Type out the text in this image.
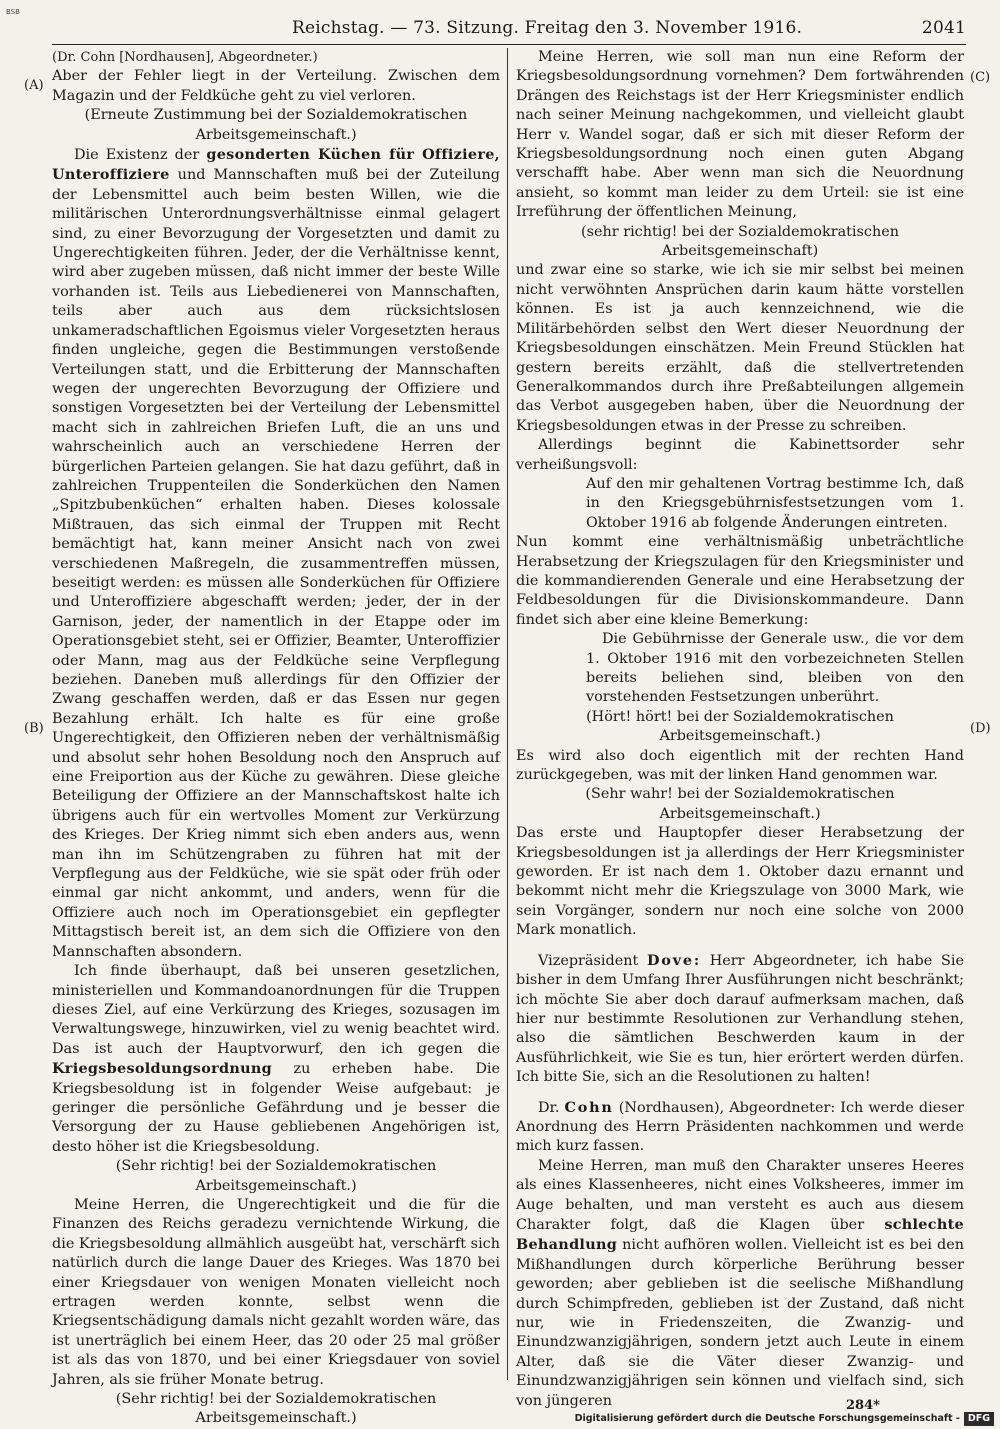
BSB
Reichstag. — 73. Sitzung. Freitag den 3. November 1916.	2041
(A)
(B)
(C)
(D)

(Dr. Cohn [Nordhausen], Abgeordneter.)

Aber der Fehler liegt in der Verteilung. Zwischen dem Magazin und der Feldküche geht zu viel verloren.

(Erneute Zustimmung bei der Sozialdemokratischen Arbeitsgemeinschaft.)

Die Existenz der gesonderten Küchen für Offiziere, Unteroffiziere und Mannschaften muß bei der Zuteilung der Lebensmittel auch beim besten Willen, wie die militärischen Unterordnungsverhältnisse einmal gelagert sind, zu einer Bevorzugung der Vorgesetzten und damit zu Ungerechtigkeiten führen. Jeder, der die Verhältnisse kennt, wird aber zugeben müssen, daß nicht immer der beste Wille vorhanden ist. Teils aus Liebedienerei von Mannschaften, teils aber auch aus dem rücksichtslosen unkameradschaftlichen Egoismus vieler Vorgesetzten heraus finden ungleiche, gegen die Bestimmungen verstoßende Verteilungen statt, und die Erbitterung der Mannschaften wegen der ungerechten Bevorzugung der Offiziere und sonstigen Vorgesetzten bei der Verteilung der Lebensmittel macht sich in zahlreichen Briefen Luft, die an uns und wahrscheinlich auch an verschiedene Herren der bürgerlichen Parteien gelangen. Sie hat dazu geführt, daß in zahlreichen Truppenteilen die Sonderküchen den Namen „Spitzbubenküchen“ erhalten haben. Dieses kolossale Mißtrauen, das sich einmal der Truppen mit Recht bemächtigt hat, kann meiner Ansicht nach von zwei verschiedenen Maßregeln, die zusammentreffen müssen, beseitigt werden: es müssen alle Sonderküchen für Offiziere und Unteroffiziere abgeschafft werden; jeder, der in der Garnison, jeder, der namentlich in der Etappe oder im Operationsgebiet steht, sei er Offizier, Beamter, Unteroffizier oder Mann, mag aus der Feldküche seine Verpflegung beziehen. Daneben muß allerdings für den Offizier der Zwang geschaffen werden, daß er das Essen nur gegen Bezahlung erhält. Ich halte es für eine große Ungerechtigkeit, den Offizieren neben der verhältnismäßig und absolut sehr hohen Besoldung noch den Anspruch auf eine Freiportion aus der Küche zu gewähren. Diese gleiche Beteiligung der Offiziere an der Mannschaftskost halte ich übrigens auch für ein wertvolles Moment zur Verkürzung des Krieges. Der Krieg nimmt sich eben anders aus, wenn man ihn im Schützengraben zu führen hat mit der Verpflegung aus der Feldküche, wie sie spät oder früh oder einmal gar nicht ankommt, und anders, wenn für die Offiziere auch noch im Operationsgebiet ein gepflegter Mittagstisch bereit ist, an dem sich die Offiziere von den Mannschaften absondern.

Ich finde überhaupt, daß bei unseren gesetzlichen, ministeriellen und Kommandoanordnungen für die Truppen dieses Ziel, auf eine Verkürzung des Krieges, sozusagen im Verwaltungswege, hinzuwirken, viel zu wenig beachtet wird. Das ist auch der Hauptvorwurf, den ich gegen die Kriegsbesoldungsordnung zu erheben habe. Die Kriegsbesoldung ist in folgender Weise aufgebaut: je geringer die persönliche Gefährdung und je besser die Versorgung der zu Hause gebliebenen Angehörigen ist, desto höher ist die Kriegsbesoldung.

(Sehr richtig! bei der Sozialdemokratischen Arbeitsgemeinschaft.)

Meine Herren, die Ungerechtigkeit und die für die Finanzen des Reichs geradezu vernichtende Wirkung, die die Kriegsbesoldung allmählich ausgeübt hat, verschärft sich natürlich durch die lange Dauer des Krieges. Was 1870 bei einer Kriegsdauer von wenigen Monaten vielleicht noch ertragen werden konnte, selbst wenn die Kriegsentschädigung damals nicht gezahlt worden wäre, das ist unerträglich bei einem Heer, das 20 oder 25 mal größer ist als das von 1870, und bei einer Kriegsdauer von soviel Jahren, als sie früher Monate betrug.

(Sehr richtig! bei der Sozialdemokratischen Arbeitsgemeinschaft.)

Meine Herren, wie soll man nun eine Reform der Kriegsbesoldungsordnung vornehmen? Dem fortwährenden Drängen des Reichstags ist der Herr Kriegsminister endlich nach seiner Meinung nachgekommen, und vielleicht glaubt Herr v. Wandel sogar, daß er sich mit dieser Reform der Kriegsbesoldungsordnung noch einen guten Abgang verschafft habe. Aber wenn man sich die Neuordnung ansieht, so kommt man leider zu dem Urteil: sie ist eine Irreführung der öffentlichen Meinung,

(sehr richtig! bei der Sozialdemokratischen Arbeitsgemeinschaft)

und zwar eine so starke, wie ich sie mir selbst bei meinen nicht verwöhnten Ansprüchen darin kaum hätte vorstellen können. Es ist ja auch kennzeichnend, wie die Militärbehörden selbst den Wert dieser Neuordnung der Kriegsbesoldungen einschätzen. Mein Freund Stücklen hat gestern bereits erzählt, daß die stellvertretenden Generalkommandos durch ihre Preßabteilungen allgemein das Verbot ausgegeben haben, über die Neuordnung der Kriegsbesoldungen etwas in der Presse zu schreiben.

Allerdings beginnt die Kabinettsorder sehr verheißungsvoll:

Auf den mir gehaltenen Vortrag bestimme Ich, daß in den Kriegsgebührnisfestsetzungen vom 1. Oktober 1916 ab folgende Änderungen eintreten.

Nun kommt eine verhältnismäßig unbeträchtliche Herabsetzung der Kriegszulagen für den Kriegsminister und die kommandierenden Generale und eine Herabsetzung der Feldbesoldungen für die Divisionskommandeure. Dann findet sich aber eine kleine Bemerkung:

Die Gebührnisse der Generale usw., die vor dem 1. Oktober 1916 mit den vorbezeichneten Stellen bereits beliehen sind, bleiben von den vorstehenden Festsetzungen unberührt.

(Hört! hört! bei der Sozialdemokratischen Arbeitsgemeinschaft.)

Es wird also doch eigentlich mit der rechten Hand zurückgegeben, was mit der linken Hand genommen war.

(Sehr wahr! bei der Sozialdemokratischen Arbeitsgemeinschaft.)

Das erste und Hauptopfer dieser Herabsetzung der Kriegsbesoldungen ist ja allerdings der Herr Kriegsminister geworden. Er ist nach dem 1. Oktober dazu ernannt und bekommt nicht mehr die Kriegszulage von 3000 Mark, wie sein Vorgänger, sondern nur noch eine solche von 2000 Mark monatlich.

Vizepräsident Dove: Herr Abgeordneter, ich habe Sie bisher in dem Umfang Ihrer Ausführungen nicht beschränkt; ich möchte Sie aber doch darauf aufmerksam machen, daß hier nur bestimmte Resolutionen zur Verhandlung stehen, also die sämtlichen Beschwerden kaum in der Ausführlichkeit, wie Sie es tun, hier erörtert werden dürfen. Ich bitte Sie, sich an die Resolutionen zu halten!

Dr. Cohn (Nordhausen), Abgeordneter: Ich werde dieser Anordnung des Herrn Präsidenten nachkommen und werde mich kurz fassen.

Meine Herren, man muß den Charakter unseres Heeres als eines Klassenheeres, nicht eines Volksheeres, immer im Auge behalten, und man versteht es auch aus diesem Charakter folgt, daß die Klagen über schlechte Behandlung nicht aufhören wollen. Vielleicht ist es bei den Mißhandlungen durch körperliche Berührung besser geworden; aber geblieben ist die seelische Mißhandlung durch Schimpfreden, geblieben ist der Zustand, daß nicht nur, wie in Friedenszeiten, die Zwanzig- und Einundzwanzigjährigen, sondern jetzt auch Leute in einem Alter, daß sie die Väter dieser Zwanzig- und Einundzwanzigjährigen sein können und vielfach sind, sich von jüngeren	284*
Digitalisierung gefördert durch die Deutsche Forschungsgemeinschaft - DFG
